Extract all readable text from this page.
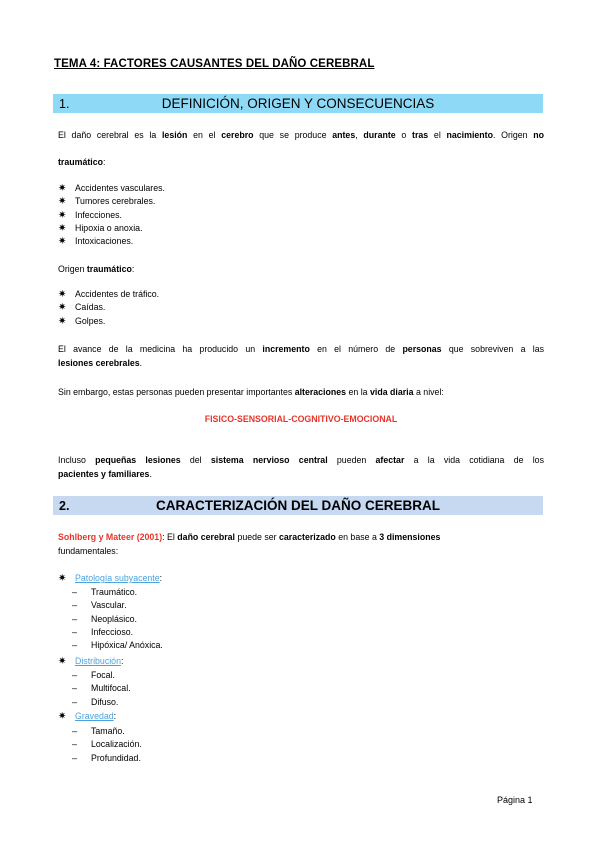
TEMA 4: FACTORES CAUSANTES DEL DAÑO CEREBRAL
1.	DEFINICIÓN, ORIGEN Y CONSECUENCIAS
El daño cerebral es la lesión en el cerebro que se produce antes, durante o tras el nacimiento. Origen no
traumático:
✷ Accidentes vasculares.
✷ Tumores cerebrales.
✷ Infecciones.
✷ Hipoxia o anoxia.
✷ Intoxicaciones.
Origen traumático:
✷ Accidentes de tráfico.
✷ Caídas.
✷ Golpes.
El avance de la medicina ha producido un incremento en el número de personas que sobreviven a las
lesiones cerebrales.
Sin embargo, estas personas pueden presentar importantes alteraciones en la vida diaria a nivel:
FISICO-SENSORIAL-COGNITIVO-EMOCIONAL
Incluso pequeñas lesiones del sistema nervioso central pueden afectar a la vida cotidiana de los
pacientes y familiares.
2.	CARACTERIZACIÓN DEL DAÑO CEREBRAL
Sohlberg y Mateer (2001): El daño cerebral puede ser caracterizado en base a 3 dimensiones
fundamentales:
✷ Patología subyacente:
– Traumático.
– Vascular.
– Neoplásico.
– Infeccioso.
– Hipóxica/ Anóxica.
✷ Distribución:
– Focal.
– Multifocal.
– Difuso.
✷ Gravedad:
– Tamaño.
– Localización.
– Profundidad.
Página 1
